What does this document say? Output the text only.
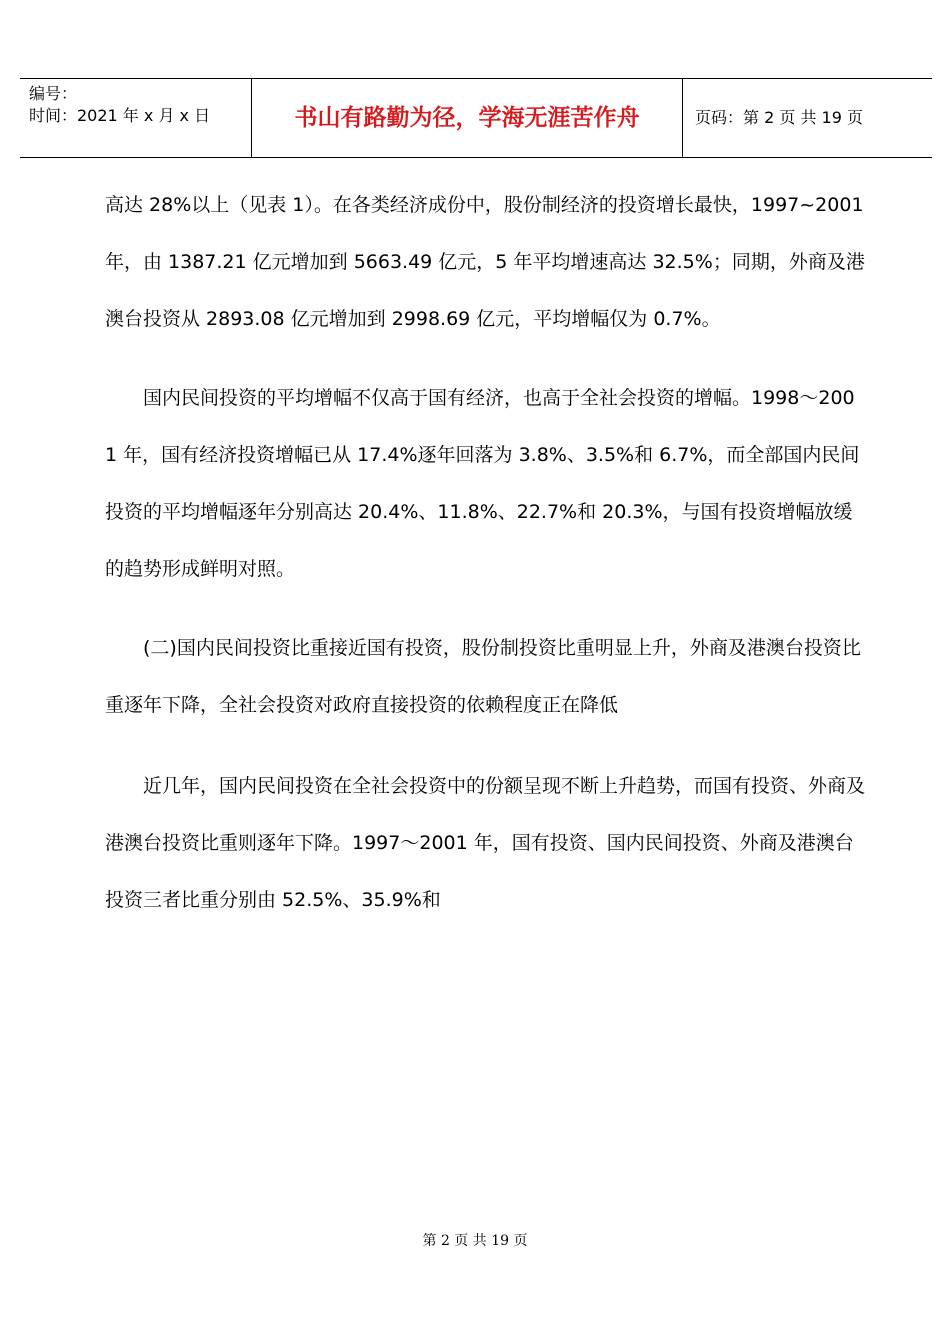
编号：
时间：2021 年 x 月 x 日	书山有路勤为径，学海无涯苦作舟	页码：第 2 页 共 19 页

高达 28%以上（见表 1）。在各类经济成份中，股份制经济的投资增长最快，1997~2001 年，由 1387.21 亿元增加到 5663.49 亿元，5 年平均增速高达 32.5%；同期，外商及港澳台投资从 2893.08 亿元增加到 2998.69 亿元，平均增幅仅为 0.7%。

国内民间投资的平均增幅不仅高于国有经济，也高于全社会投资的增幅。1998～2001 年，国有经济投资增幅已从 17.4%逐年回落为 3.8%、3.5%和 6.7%，而全部国内民间投资的平均增幅逐年分别高达 20.4%、11.8%、22.7%和 20.3%，与国有投资增幅放缓的趋势形成鲜明对照。

(二)国内民间投资比重接近国有投资，股份制投资比重明显上升，外商及港澳台投资比重逐年下降，全社会投资对政府直接投资的依赖程度正在降低

近几年，国内民间投资在全社会投资中的份额呈现不断上升趋势，而国有投资、外商及港澳台投资比重则逐年下降。1997～2001 年，国有投资、国内民间投资、外商及港澳台投资三者比重分别由 52.5%、35.9%和

第 2 页 共 19 页
